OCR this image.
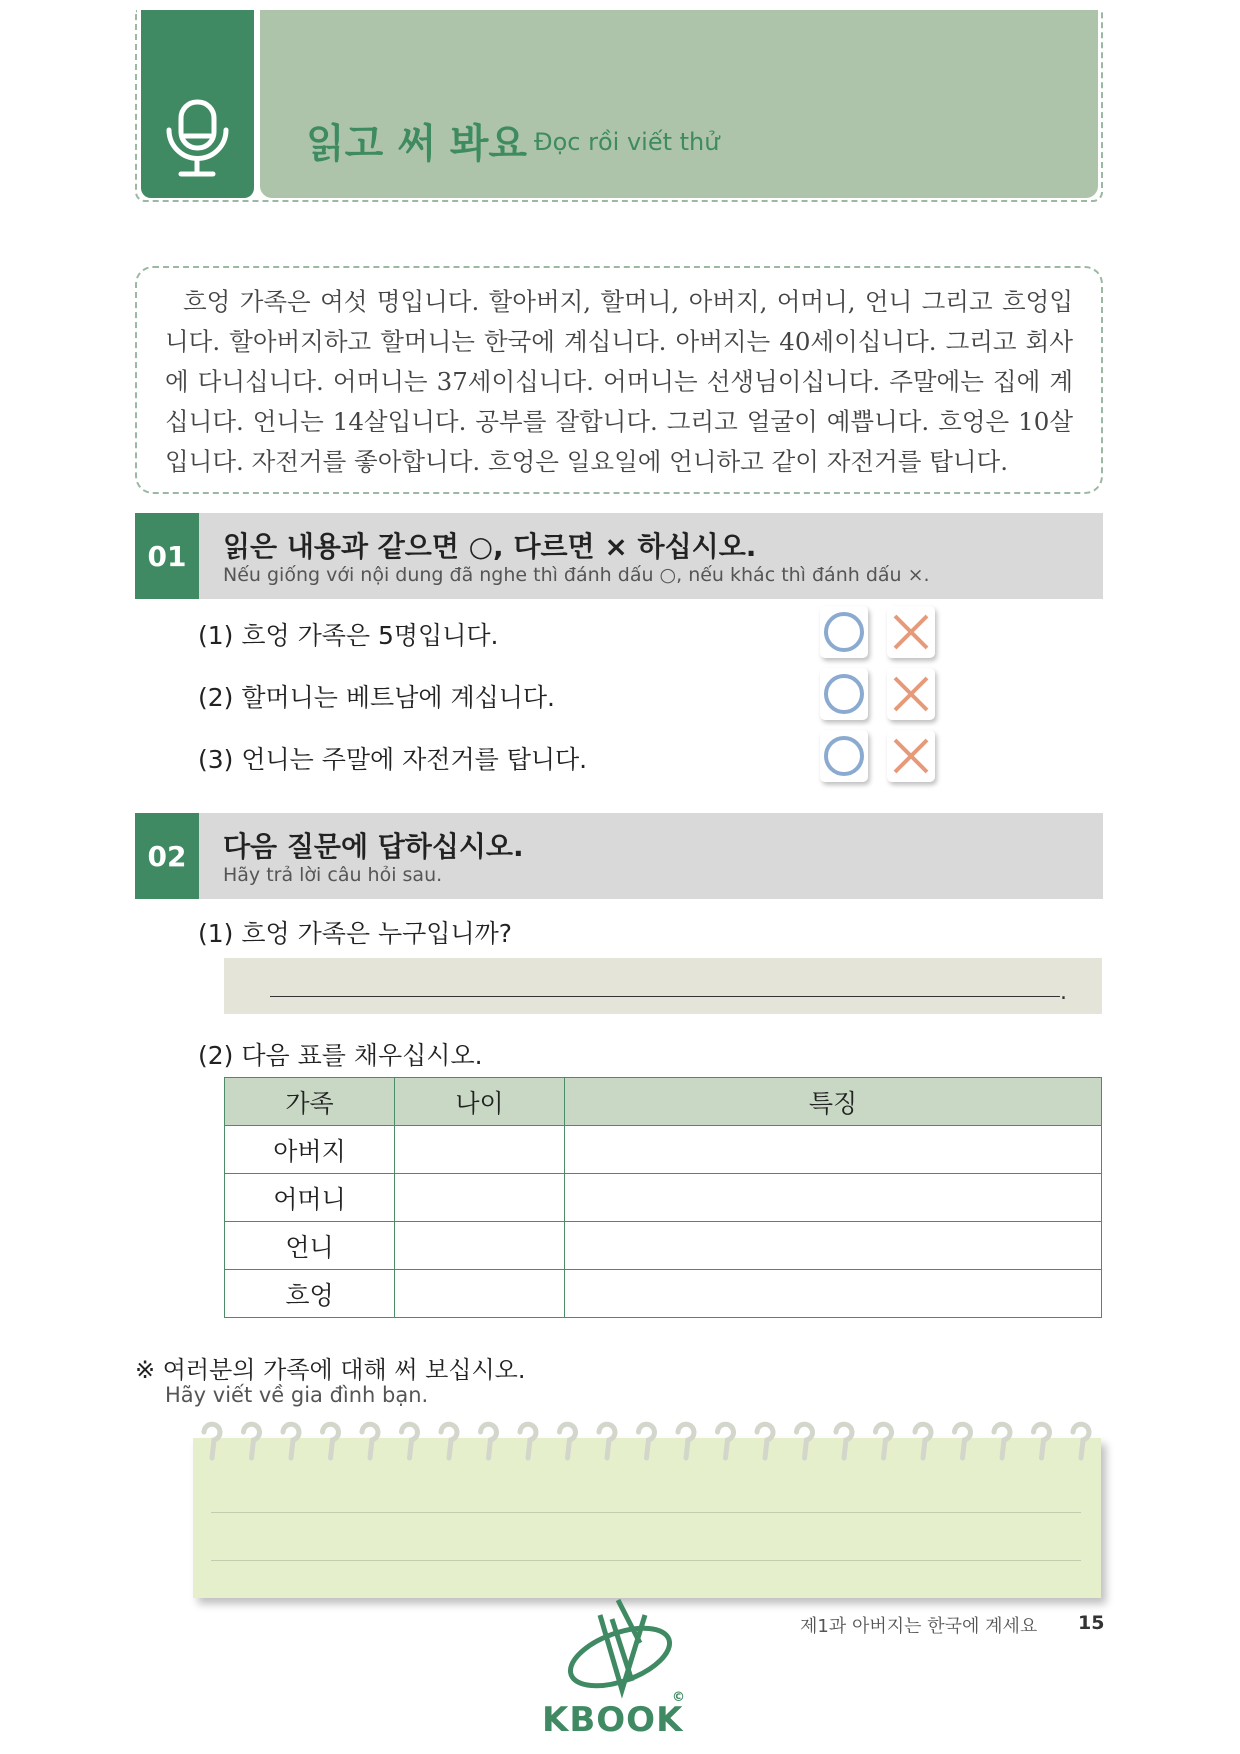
읽고 써 봐요 Đọc rồi viết thử
흐엉 가족은 여섯 명입니다. 할아버지, 할머니, 아버지, 어머니, 언니 그리고 흐엉입니다. 할아버지하고 할머니는 한국에 계십니다. 아버지는 40세이십니다. 그리고 회사에 다니십니다. 어머니는 37세이십니다. 어머니는 선생님이십니다. 주말에는 집에 계십니다. 언니는 14살입니다. 공부를 잘합니다. 그리고 얼굴이 예쁩니다. 흐엉은 10살입니다. 자전거를 좋아합니다. 흐엉은 일요일에 언니하고 같이 자전거를 탑니다.
01	읽은 내용과 같으면 ○, 다르면 × 하십시오.
Nếu giống với nội dung đã nghe thì đánh dấu ○, nếu khác thì đánh dấu ×.
(1) 흐엉 가족은 5명입니다.
(2) 할머니는 베트남에 계십니다.
(3) 언니는 주말에 자전거를 탑니다.
02	다음 질문에 답하십시오.
Hãy trả lời câu hỏi sau.
(1) 흐엉 가족은 누구입니까?
.
(2) 다음 표를 채우십시오.
가족	나이	특징
아버지		
어머니		
언니		
흐엉		
※ 여러분의 가족에 대해 써 보십시오.
Hãy viết về gia đình bạn.
제1과 아버지는 한국에 계세요 15
KBOOK
©
